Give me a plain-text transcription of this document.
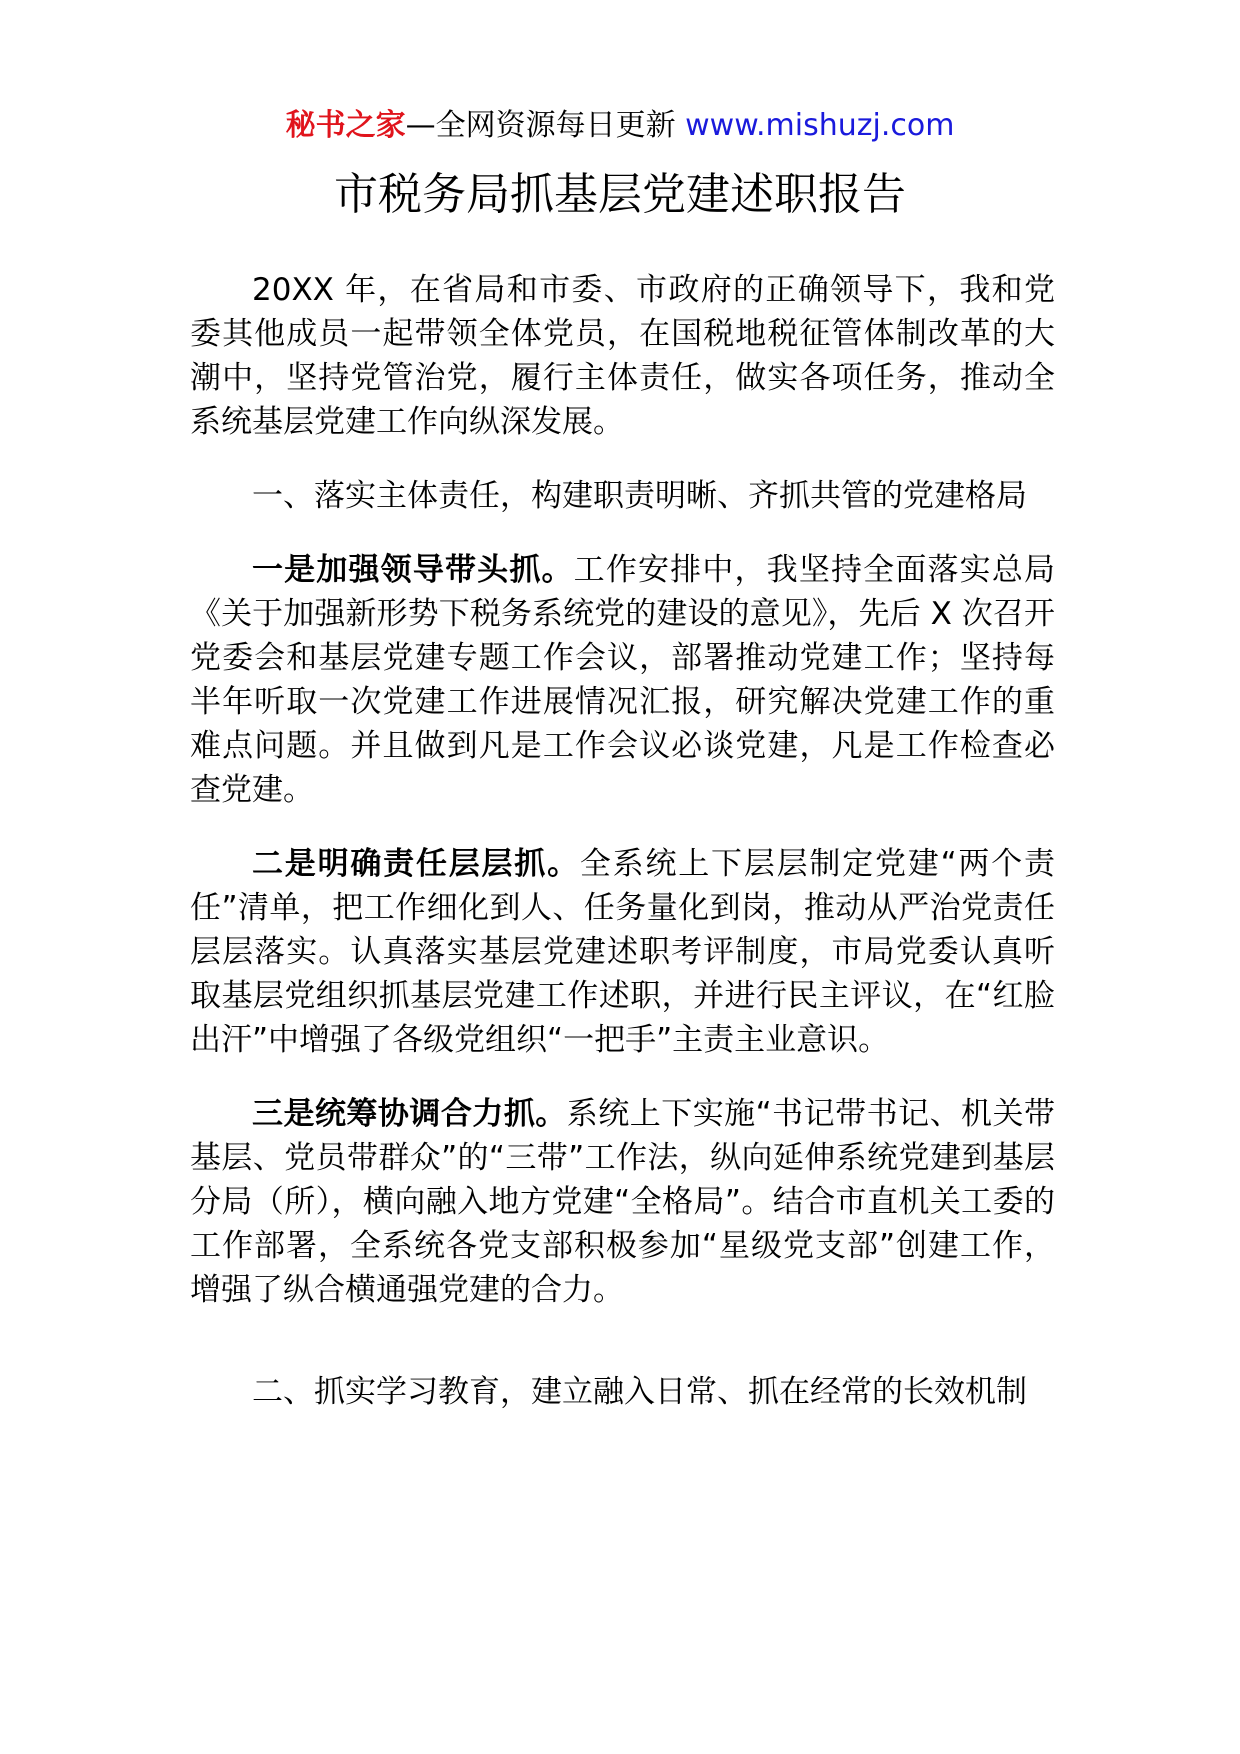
秘书之家—全网资源每日更新 www.mishuzj.com
市税务局抓基层党建述职报告

20XX 年，在省局和市委、市政府的正确领导下，我和党委其他成员一起带领全体党员，在国税地税征管体制改革的大潮中，坚持党管治党，履行主体责任，做实各项任务，推动全系统基层党建工作向纵深发展。

一、落实主体责任，构建职责明晰、齐抓共管的党建格局

一是加强领导带头抓。工作安排中，我坚持全面落实总局《关于加强新形势下税务系统党的建设的意见》，先后 X 次召开党委会和基层党建专题工作会议，部署推动党建工作；坚持每半年听取一次党建工作进展情况汇报，研究解决党建工作的重难点问题。并且做到凡是工作会议必谈党建，凡是工作检查必查党建。

二是明确责任层层抓。全系统上下层层制定党建“两个责任”清单，把工作细化到人、任务量化到岗，推动从严治党责任层层落实。认真落实基层党建述职考评制度，市局党委认真听取基层党组织抓基层党建工作述职，并进行民主评议，在“红脸出汗”中增强了各级党组织“一把手”主责主业意识。

三是统筹协调合力抓。系统上下实施“书记带书记、机关带基层、党员带群众”的“三带”工作法，纵向延伸系统党建到基层分局（所），横向融入地方党建“全格局”。结合市直机关工委的工作部署，全系统各党支部积极参加“星级党支部”创建工作，增强了纵合横通强党建的合力。

二、抓实学习教育，建立融入日常、抓在经常的长效机制
